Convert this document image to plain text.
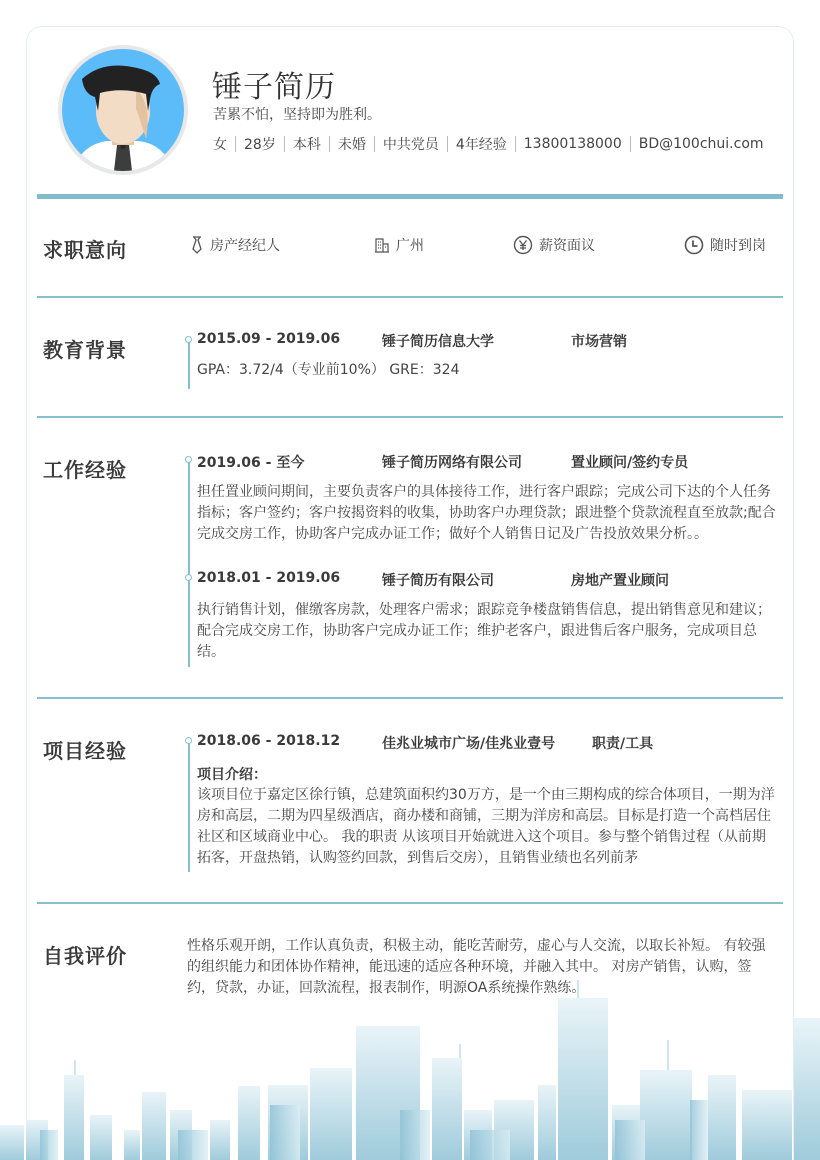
锤子简历
苦累不怕，坚持即为胜利。
女 28岁 本科 未婚 中共党员 4年经验 13800138000 BD@100chui.com
求职意向	房产经纪人	广州	薪资面议	随时到岗
教育背景	2015.09 - 2019.06	锤子简历信息大学	市场营销
GPA：3.72/4（专业前10%） GRE：324
工作经验	2019.06 - 至今	锤子简历网络有限公司	置业顾问/签约专员
担任置业顾问期间，主要负责客户的具体接待工作，进行客户跟踪；完成公司下达的个人任务指标；客户签约；客户按揭资料的收集，协助客户办理贷款；跟进整个贷款流程直至放款;配合完成交房工作，协助客户完成办证工作；做好个人销售日记及广告投放效果分析。。
2018.01 - 2019.06	锤子简历有限公司	房地产置业顾问
执行销售计划，催缴客房款，处理客户需求；跟踪竞争楼盘销售信息，提出销售意见和建议；配合完成交房工作，协助客户完成办证工作；维护老客户，跟进售后客户服务，完成项目总结。
项目经验	2018.06 - 2018.12	佳兆业城市广场/佳兆业壹号	职责/工具
项目介绍：
该项目位于嘉定区徐行镇，总建筑面积约30万方，是一个由三期构成的综合体项目，一期为洋房和高层，二期为四星级酒店，商办楼和商铺，三期为洋房和高层。目标是打造一个高档居住社区和区域商业中心。 我的职责 从该项目开始就进入这个项目。参与整个销售过程（从前期拓客，开盘热销，认购签约回款，到售后交房），且销售业绩也名列前茅
自我评价	性格乐观开朗，工作认真负责，积极主动，能吃苦耐劳，虚心与人交流，以取长补短。 有较强的组织能力和团体协作精神，能迅速的适应各种环境，并融入其中。 对房产销售，认购，签约，贷款，办证，回款流程，报表制作，明源OA系统操作熟练。
